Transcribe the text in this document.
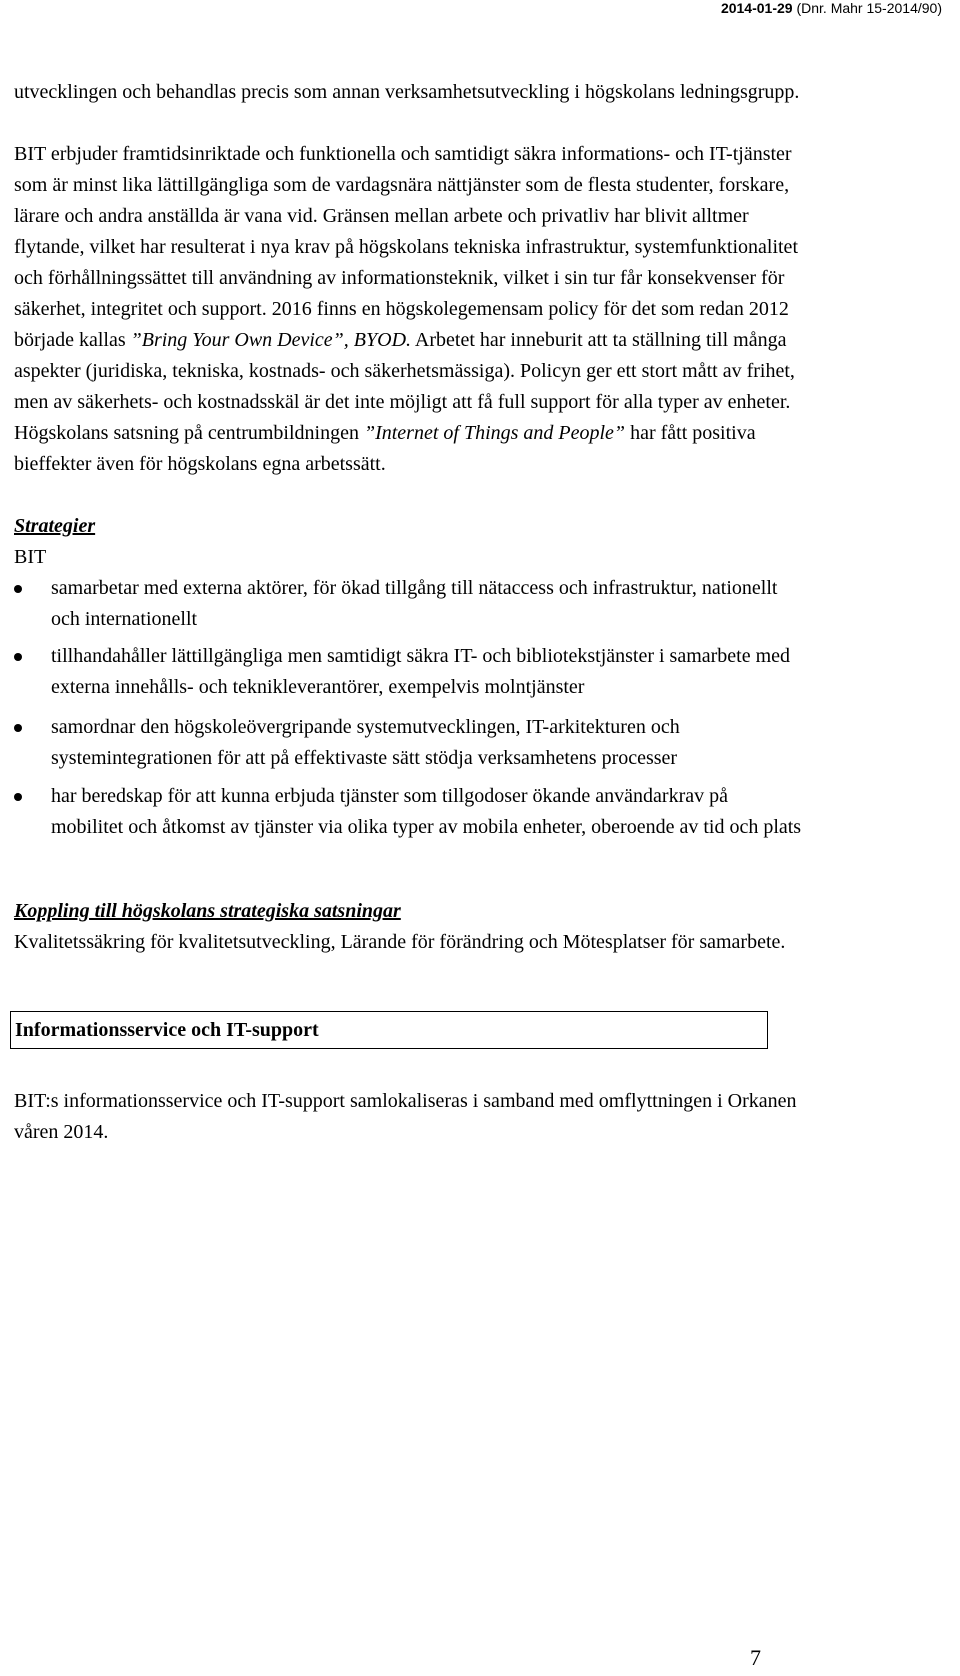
2014-01-29 (Dnr. Mahr 15-2014/90)

utvecklingen och behandlas precis som annan verksamhetsutveckling i högskolans ledningsgrupp.

BIT erbjuder framtidsinriktade och funktionella och samtidigt säkra informations- och IT-tjänster som är minst lika lättillgängliga som de vardagsnära nättjänster som de flesta studenter, forskare, lärare och andra anställda är vana vid. Gränsen mellan arbete och privatliv har blivit alltmer flytande, vilket har resulterat i nya krav på högskolans tekniska infrastruktur, systemfunktionalitet och förhållningssättet till användning av informationsteknik, vilket i sin tur får konsekvenser för säkerhet, integritet och support. 2016 finns en högskolegemensam policy för det som redan 2012 började kallas ”Bring Your Own Device”, BYOD. Arbetet har inneburit att ta ställning till många aspekter (juridiska, tekniska, kostnads- och säkerhetsmässiga). Policyn ger ett stort mått av frihet, men av säkerhets- och kostnadsskäl är det inte möjligt att få full support för alla typer av enheter. Högskolans satsning på centrumbildningen ”Internet of Things and People” har fått positiva bieffekter även för högskolans egna arbetssätt.

Strategier
BIT
samarbetar med externa aktörer, för ökad tillgång till nätaccess och infrastruktur, nationellt och internationellt
tillhandahåller lättillgängliga men samtidigt säkra IT- och bibliotekstjänster i samarbete med externa innehålls- och teknikleverantörer, exempelvis molntjänster
samordnar den högskoleövergripande systemutvecklingen, IT-arkitekturen och systemintegrationen för att på effektivaste sätt stödja verksamhetens processer
har beredskap för att kunna erbjuda tjänster som tillgodoser ökande användarkrav på mobilitet och åtkomst av tjänster via olika typer av mobila enheter, oberoende av tid och plats
Koppling till högskolans strategiska satsningar

Kvalitetssäkring för kvalitetsutveckling, Lärande för förändring och Mötesplatser för samarbete.

Informationsservice och IT-support

BIT:s informationsservice och IT-support samlokaliseras i samband med omflyttningen i Orkanen våren 2014.

7
